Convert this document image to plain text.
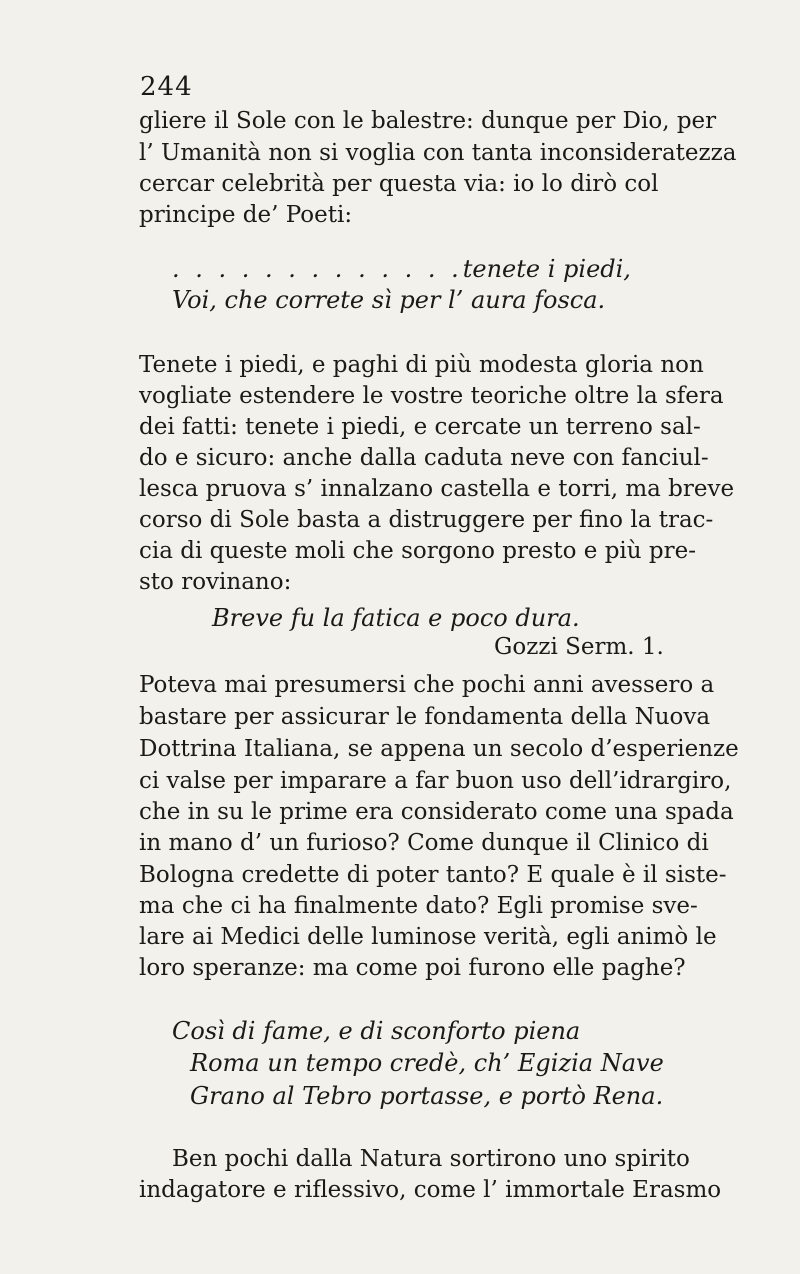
244
gliere il Sole con le balestre: dunque per Dio, per
l’ Umanità non si voglia con tanta inconsideratezza
cercar celebrità per questa via: io lo dirò col
principe de’ Poeti:
. . . . . . . . . . . . .tenete i piedi,
Voi, che correte sì per l’ aura fosca.
Tenete i piedi, e paghi di più modesta gloria non
vogliate estendere le vostre teoriche oltre la sfera
dei fatti: tenete i piedi, e cercate un terreno sal-
do e sicuro: anche dalla caduta neve con fanciul-
lesca pruova s’ innalzano castella e torri, ma breve
corso di Sole basta a distruggere per fino la trac-
cia di queste moli che sorgono presto e più pre-
sto rovinano:
Breve fu la fatica e poco dura.
Gozzi Serm. 1.
Poteva mai presumersi che pochi anni avessero a
bastare per assicurar le fondamenta della Nuova
Dottrina Italiana, se appena un secolo d’esperienze
ci valse per imparare a far buon uso dell’idrargiro,
che in su le prime era considerato come una spada
in mano d’ un furioso? Come dunque il Clinico di
Bologna credette di poter tanto? E quale è il siste-
ma che ci ha finalmente dato? Egli promise sve-
lare ai Medici delle luminose verità, egli animò le
loro speranze: ma come poi furono elle paghe?
Così di fame, e di sconforto piena
Roma un tempo credè, ch’ Egizia Nave
Grano al Tebro portasse, e portò Rena.
Ben pochi dalla Natura sortirono uno spirito
indagatore e riflessivo, come l’ immortale Erasmo
